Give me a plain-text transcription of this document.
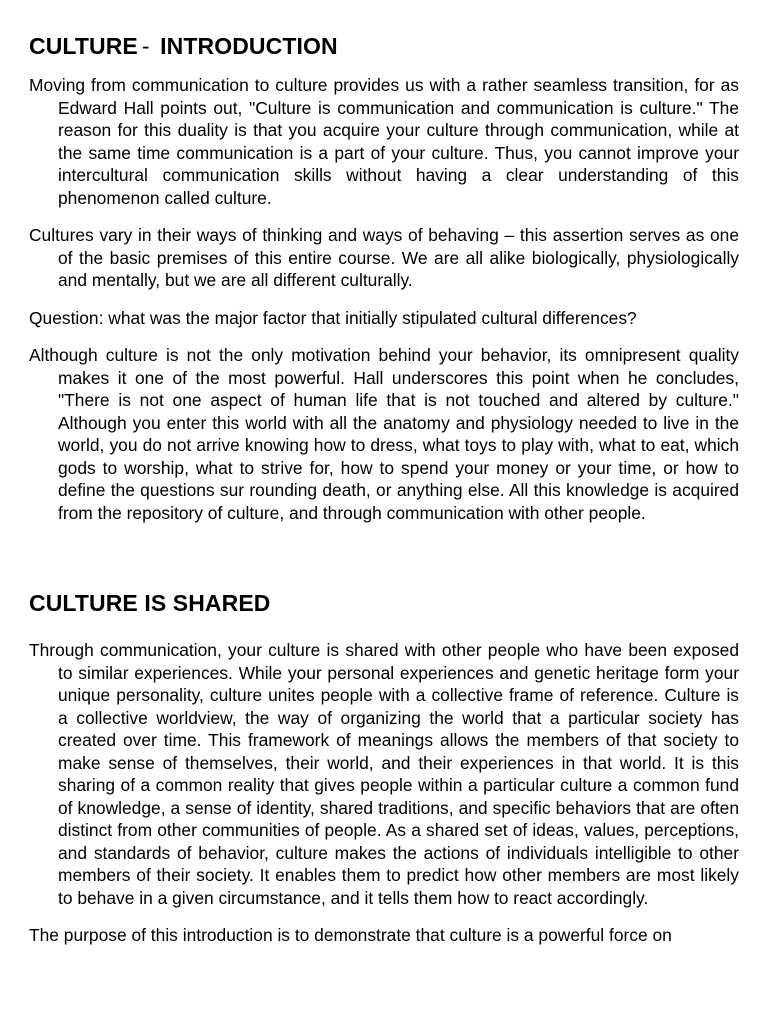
CULTURE - INTRODUCTION

Moving from communication to culture provides us with a rather seamless transition, for as Edward Hall points out, "Culture is communication and communication is culture." The reason for this duality is that you acquire your culture through communication, while at the same time communication is a part of your culture. Thus, you cannot improve your intercultural communication skills without having a clear understanding of this phenomenon called culture.

Cultures vary in their ways of thinking and ways of behaving – this assertion serves as one of the basic premises of this entire course. We are all alike biologically, physiologically and mentally, but we are all different culturally.

Question: what was the major factor that initially stipulated cultural differences?

Although culture is not the only motivation behind your behavior, its omnipresent quality makes it one of the most powerful. Hall underscores this point when he concludes, "There is not one aspect of human life that is not touched and altered by culture." Although you enter this world with all the anatomy and physiology needed to live in the world, you do not arrive knowing how to dress, what toys to play with, what to eat, which gods to worship, what to strive for, how to spend your money or your time, or how to define the questions sur rounding death, or anything else. All this knowledge is acquired from the repository of culture, and through communication with other people.

CULTURE IS SHARED

Through communication, your culture is shared with other people who have been exposed to similar experiences. While your personal experiences and genetic heritage form your unique personality, culture unites people with a collective frame of reference. Culture is a collective worldview, the way of organizing the world that a particular society has created over time. This framework of meanings allows the members of that society to make sense of themselves, their world, and their experiences in that world. It is this sharing of a common reality that gives people within a particular culture a common fund of knowledge, a sense of identity, shared traditions, and specific behaviors that are often distinct from other communities of people. As a shared set of ideas, values, perceptions, and standards of behavior, culture makes the actions of individuals intelligible to other members of their society. It enables them to predict how other members are most likely to behave in a given circumstance, and it tells them how to react accordingly.

The purpose of this introduction is to demonstrate that culture is a powerful force on
